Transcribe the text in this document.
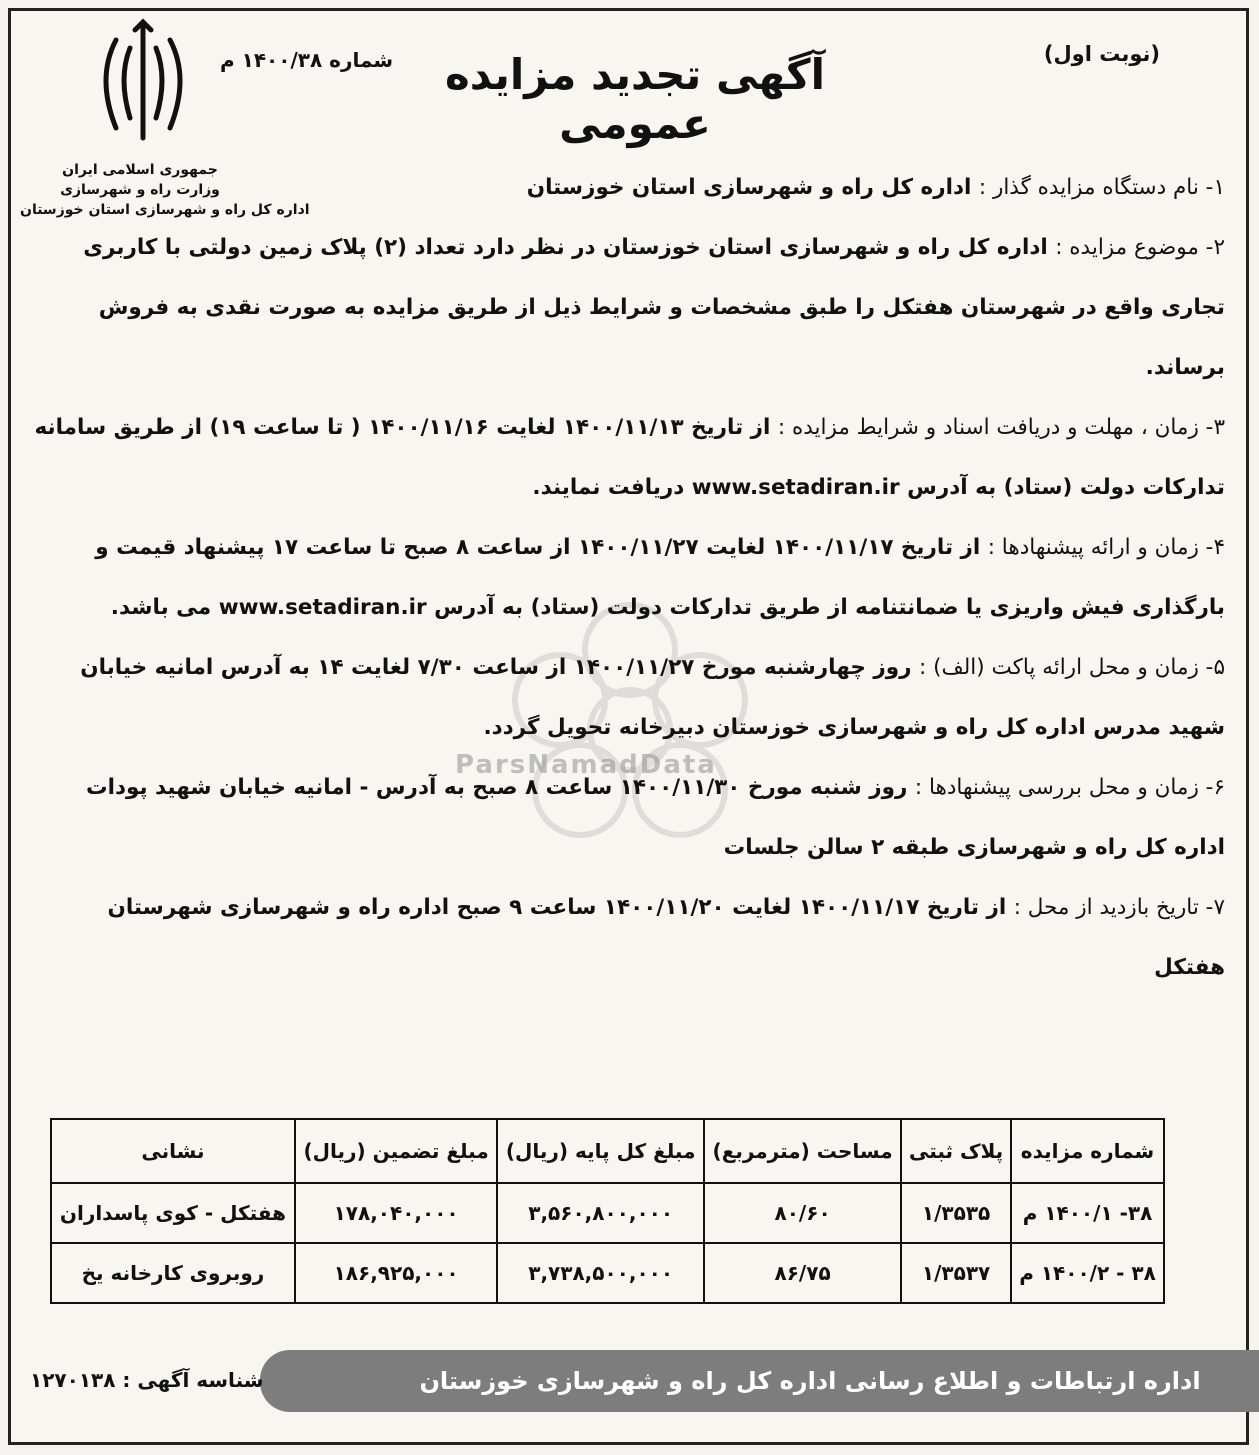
جمهوری اسلامی ایران
وزارت راه و شهرسازی
اداره کل راه و شهرسازی استان خوزستان
شماره ۱۴۰۰/۳۸ م	آگهی تجدید مزایده عمومی
(نوبت اول)
ParsNamadData
۱- نام دستگاه مزایده گذار : اداره کل راه و شهرسازی استان خوزستان
۲- موضوع مزایده : اداره کل راه و شهرسازی استان خوزستان در نظر دارد تعداد (۲) پلاک زمین دولتی با کاربری تجاری واقع در شهرستان هفتکل را طبق مشخصات و شرایط ذیل از طریق مزایده به صورت نقدی به فروش برساند.
۳- زمان ، مهلت و دریافت اسناد و شرایط مزایده : از تاریخ ۱۴۰۰/۱۱/۱۳ لغایت ۱۴۰۰/۱۱/۱۶ ( تا ساعت ۱۹) از طریق سامانه تدارکات دولت (ستاد) به آدرس www.setadiran.ir دریافت نمایند.
۴- زمان و ارائه پیشنهادها : از تاریخ ۱۴۰۰/۱۱/۱۷ لغایت ۱۴۰۰/۱۱/۲۷ از ساعت ۸ صبح تا ساعت ۱۷ پیشنهاد قیمت و بارگذاری فیش واریزی یا ضمانتنامه از طریق تدارکات دولت (ستاد) به آدرس www.setadiran.ir می باشد.
۵- زمان و محل ارائه پاکت (الف) : روز چهارشنبه مورخ ۱۴۰۰/۱۱/۲۷ از ساعت ۷/۳۰ لغایت ۱۴ به آدرس امانیه خیابان شهید مدرس اداره کل راه و شهرسازی خوزستان دبیرخانه تحویل گردد.
۶- زمان و محل بررسی پیشنهادها : روز شنبه مورخ ۱۴۰۰/۱۱/۳۰ ساعت ۸ صبح به آدرس - امانیه خیابان شهید پودات اداره کل راه و شهرسازی طبقه ۲ سالن جلسات
۷- تاریخ بازدید از محل : از تاریخ ۱۴۰۰/۱۱/۱۷ لغایت ۱۴۰۰/۱۱/۲۰ ساعت ۹ صبح اداره راه و شهرسازی شهرستان هفتکل
شماره مزایده	پلاک ثبتی	مساحت (مترمربع)	مبلغ کل پایه (ریال)	مبلغ تضمین (ریال)	نشانی
۳۸- ۱۴۰۰/۱ م	۱/۳۵۳۵	۸۰/۶۰	۳,۵۶۰,۸۰۰,۰۰۰	۱۷۸,۰۴۰,۰۰۰	هفتکل - کوی پاسداران
۳۸ - ۱۴۰۰/۲ م	۱/۳۵۳۷	۸۶/۷۵	۳,۷۳۸,۵۰۰,۰۰۰	۱۸۶,۹۲۵,۰۰۰	روبروی کارخانه یخ
اداره ارتباطات و اطلاع رسانی اداره کل راه و شهرسازی خوزستان
شناسه آگهی : ۱۲۷۰۱۳۸
